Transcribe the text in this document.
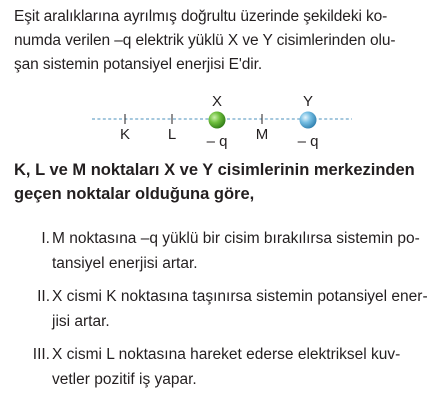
Eşit aralıklarına ayrılmış doğrultu üzerinde şekildeki ko-
numda verilen –q elektrik yüklü X ve Y cisimlerinden olu-
şan sistemin potansiyel enerjisi E'dir.
K	L	M
X
– q
Y
– q
K, L ve M noktaları X ve Y cisimlerinin merkezinden
geçen noktalar olduğuna göre,
I. M noktasına –q yüklü bir cisim bırakılırsa sistemin po-
tansiyel enerjisi artar.
II. X cismi K noktasına taşınırsa sistemin potansiyel ener-
jisi artar.
III. X cismi L noktasına hareket ederse elektriksel kuv-
vetler pozitif iş yapar.
